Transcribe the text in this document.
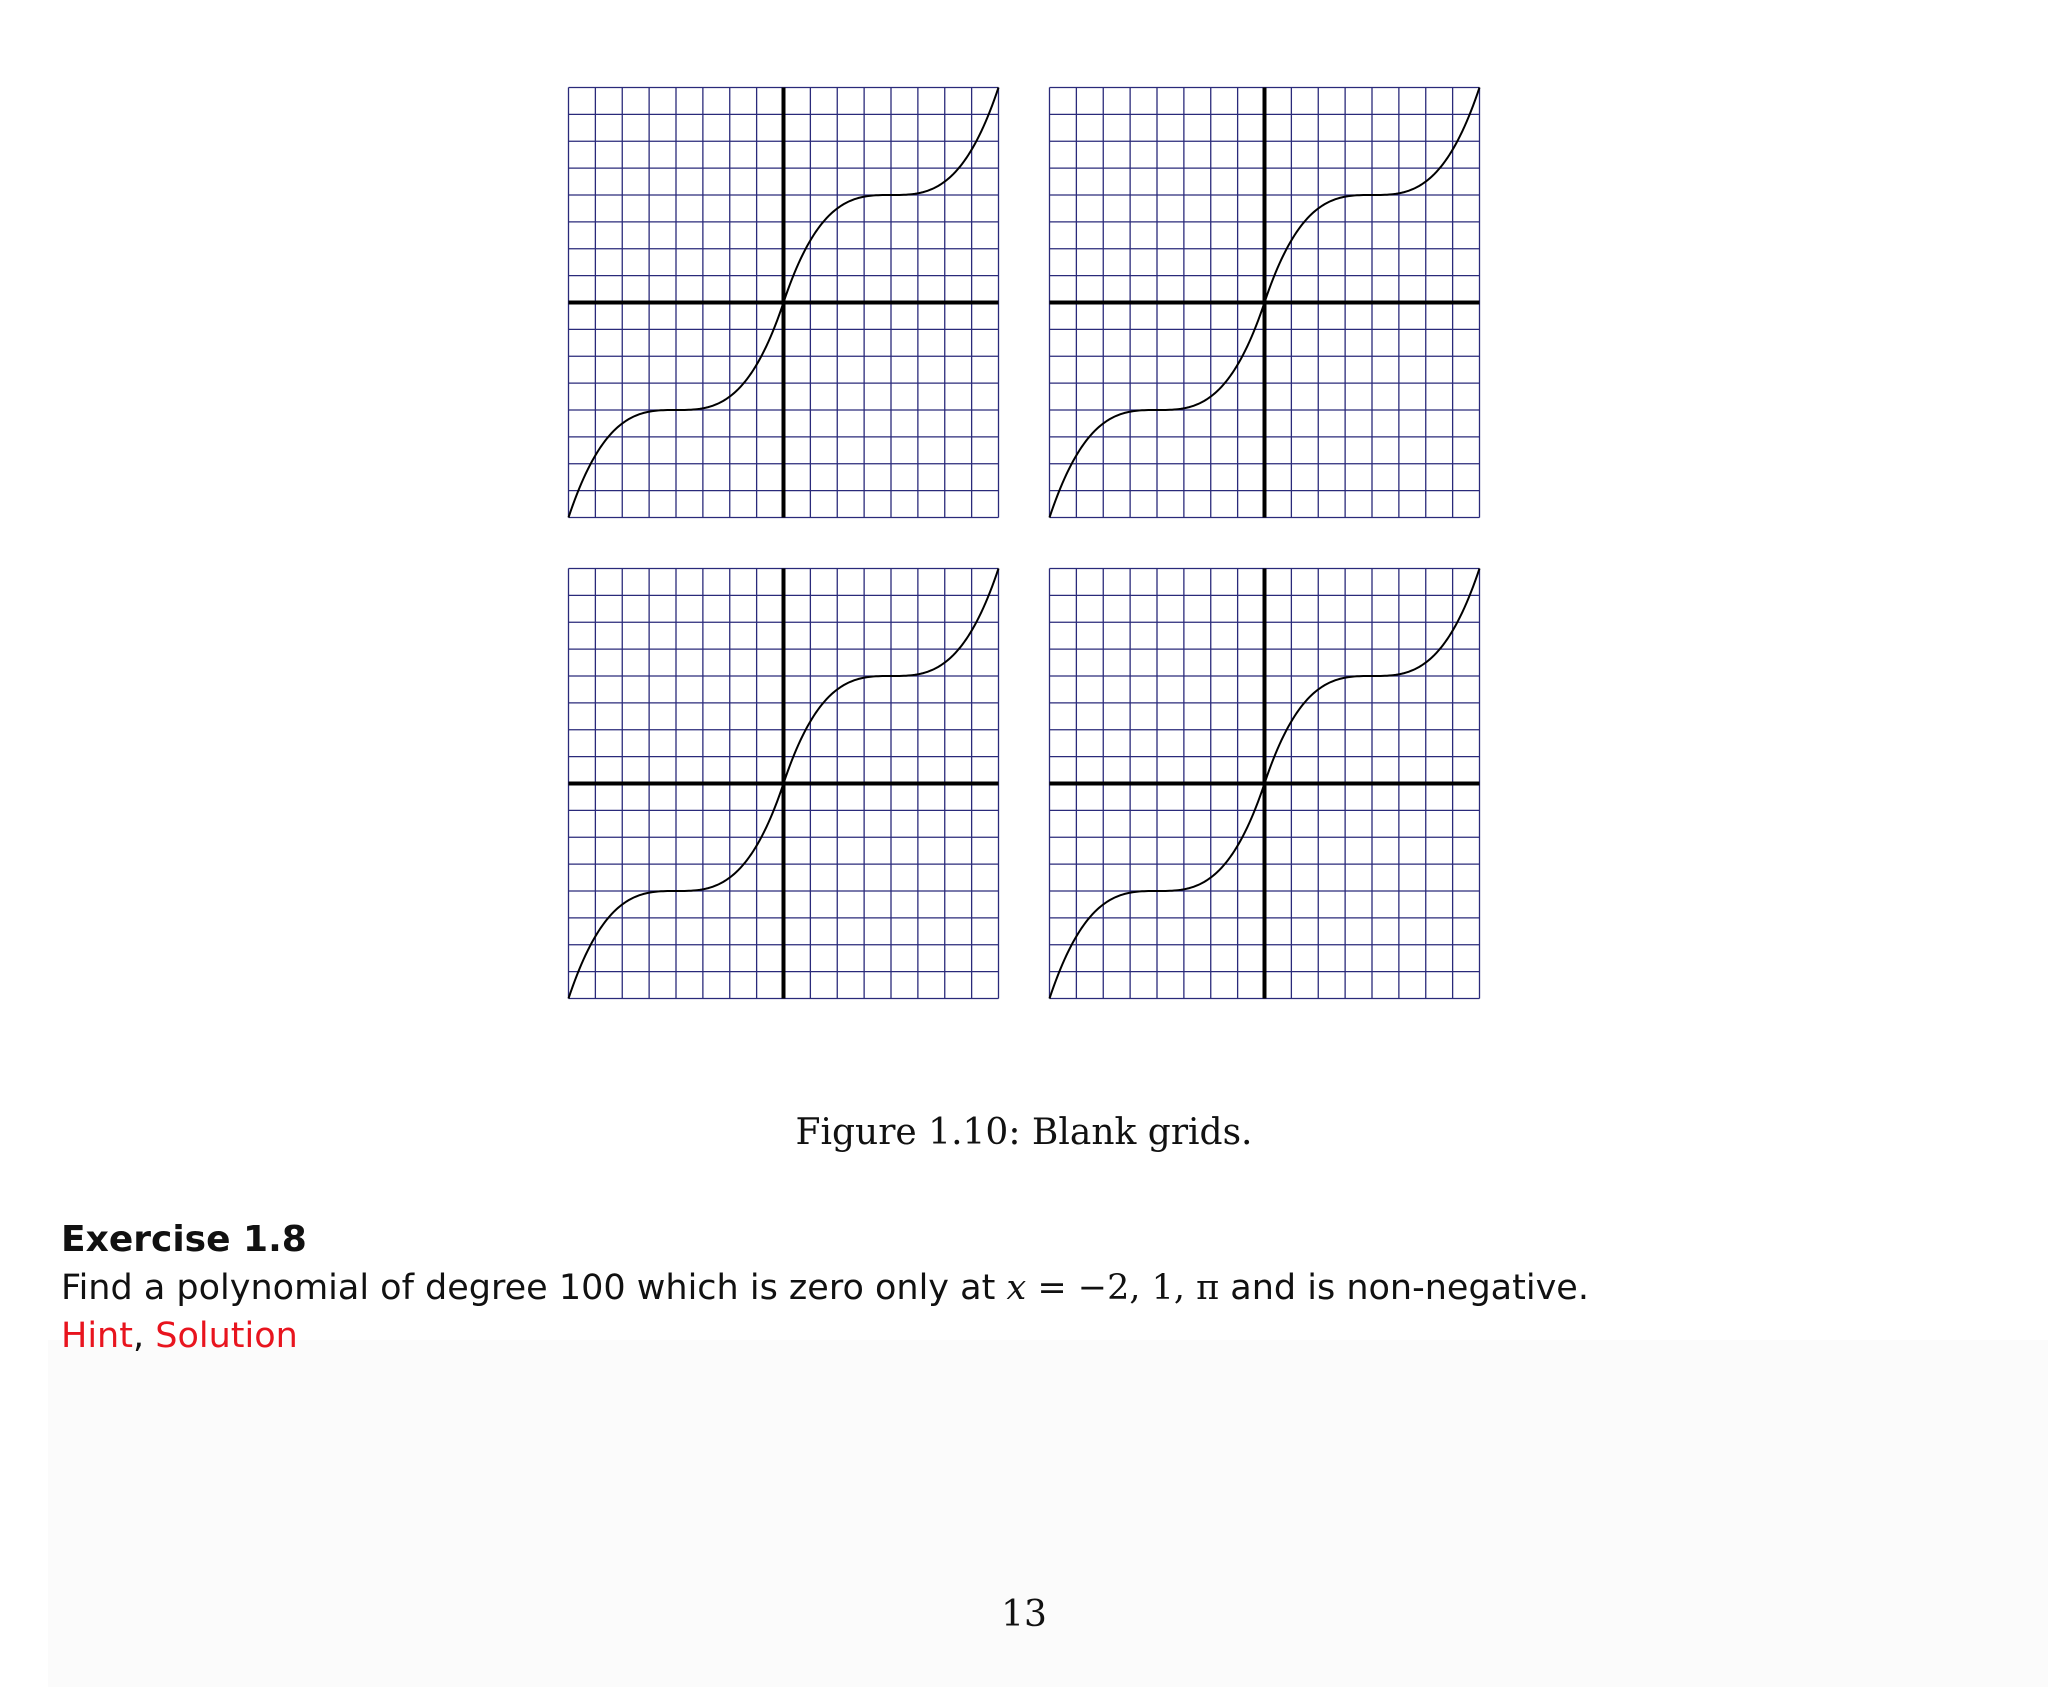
Figure 1.10: Blank grids.

Exercise 1.8

Find a polynomial of degree 100 which is zero only at x = −2, 1, π and is non-negative.

Hint, Solution

13
